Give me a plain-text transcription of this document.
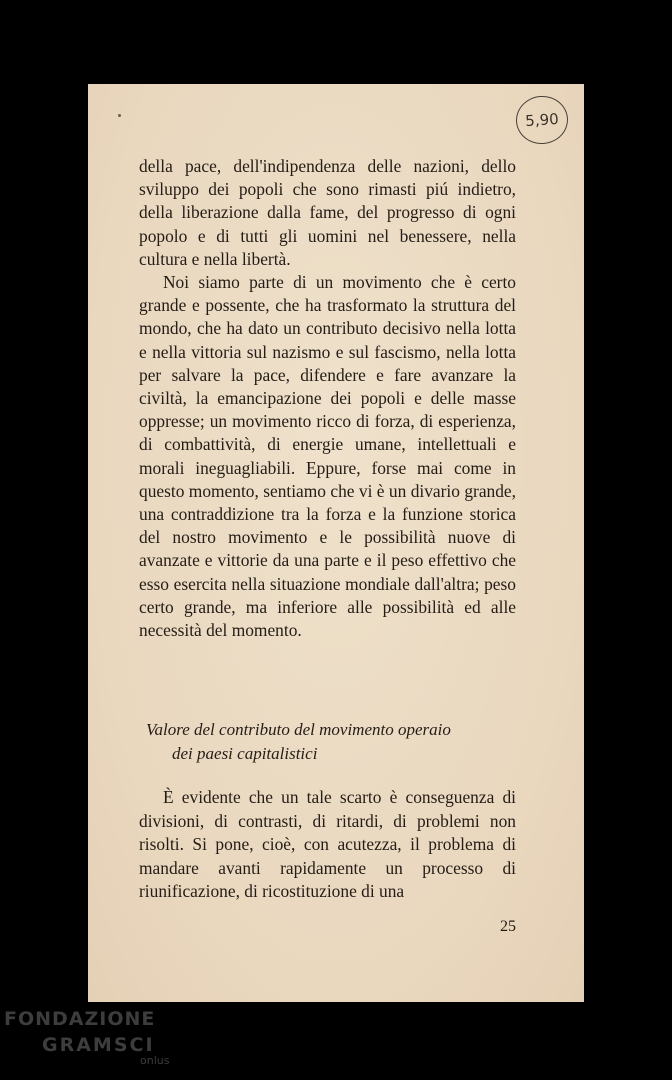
5,90

della pace, dell'indipendenza delle nazioni, dello sviluppo dei popoli che sono rimasti piú indietro, della liberazione dalla fame, del progresso di ogni popolo e di tutti gli uomini nel benessere, nella cultura e nella libertà.

Noi siamo parte di un movimento che è certo grande e possente, che ha trasformato la struttura del mondo, che ha dato un contributo decisivo nella lotta e nella vittoria sul nazismo e sul fascismo, nella lotta per salvare la pace, difendere e fare avanzare la civiltà, la emancipazione dei popoli e delle masse oppresse; un movimento ricco di forza, di esperienza, di combattività, di energie umane, intellettuali e morali ineguagliabili. Eppure, forse mai come in questo momento, sentiamo che vi è un divario grande, una contraddizione tra la forza e la funzione storica del nostro movimento e le possibilità nuove di avanzate e vittorie da una parte e il peso effettivo che esso esercita nella situazione mondiale dall'altra; peso certo grande, ma inferiore alle possibilità ed alle necessità del momento.

Valore del contributo del movimento operaio
dei paesi capitalistici

È evidente che un tale scarto è conseguenza di divisioni, di contrasti, di ritardi, di problemi non risolti. Si pone, cioè, con acutezza, il problema di mandare avanti rapidamente un processo di riunificazione, di ricostituzione di una

25
FONDAZIONE
GRAMSCI
onlus
